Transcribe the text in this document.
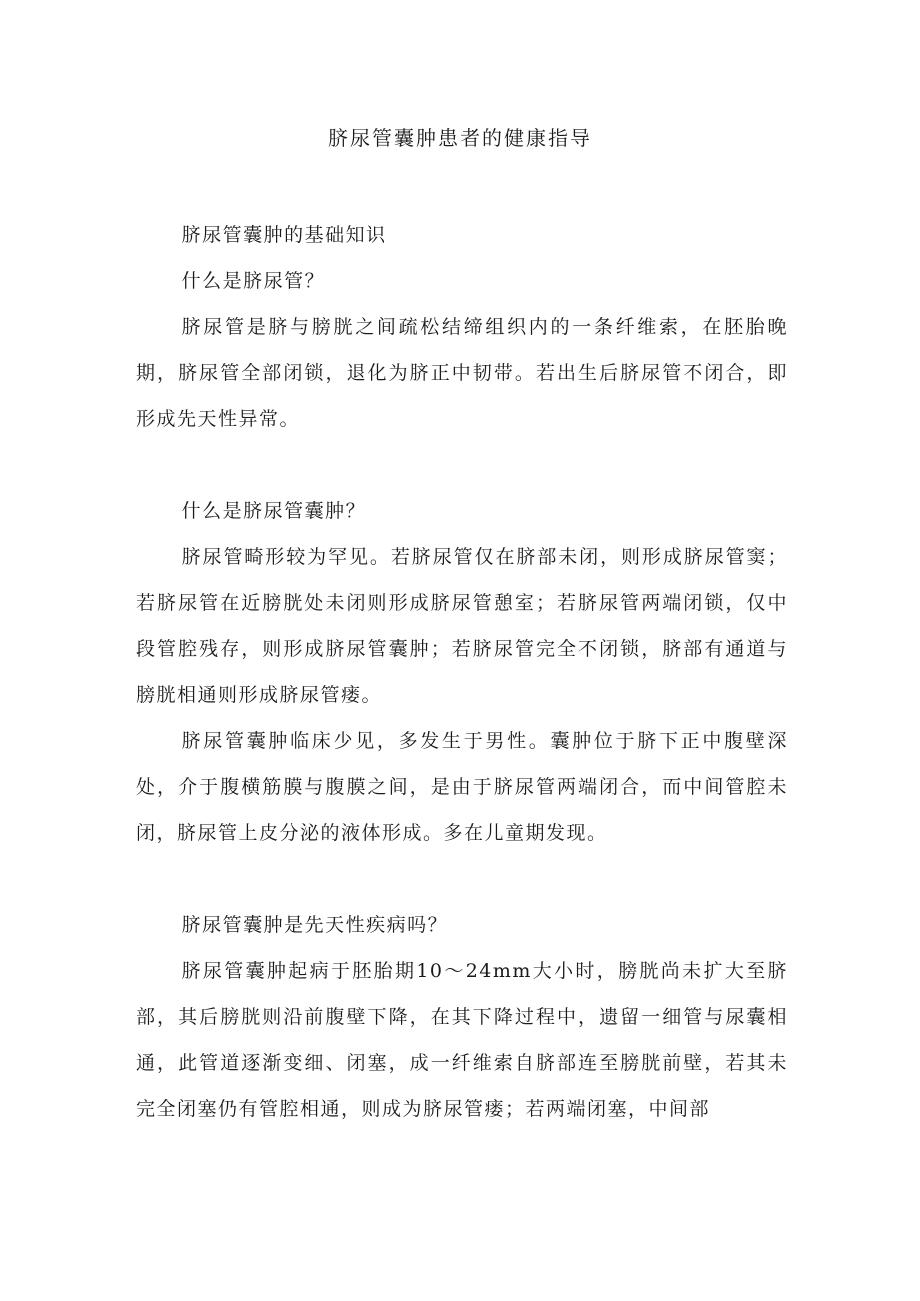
脐尿管囊肿患者的健康指导

脐尿管囊肿的基础知识

什么是脐尿管？

脐尿管是脐与膀胱之间疏松结缔组织内的一条纤维索，在胚胎晚期，脐尿管全部闭锁，退化为脐正中韧带。若出生后脐尿管不闭合，即形成先天性异常。

什么是脐尿管囊肿？

脐尿管畸形较为罕见。若脐尿管仅在脐部未闭，则形成脐尿管窦；若脐尿管在近膀胱处未闭则形成脐尿管憩室；若脐尿管两端闭锁，仅中段管腔残存，则形成脐尿管囊肿；若脐尿管完全不闭锁，脐部有通道与膀胱相通则形成脐尿管瘘。

脐尿管囊肿临床少见，多发生于男性。囊肿位于脐下正中腹壁深处，介于腹横筋膜与腹膜之间，是由于脐尿管两端闭合，而中间管腔未闭，脐尿管上皮分泌的液体形成。多在儿童期发现。

脐尿管囊肿是先天性疾病吗？

脐尿管囊肿起病于胚胎期10～24mm大小时，膀胱尚未扩大至脐部，其后膀胱则沿前腹壁下降，在其下降过程中，遗留一细管与尿囊相通，此管道逐渐变细、闭塞，成一纤维索自脐部连至膀胱前壁，若其未完全闭塞仍有管腔相通，则成为脐尿管瘘；若两端闭塞，中间部
